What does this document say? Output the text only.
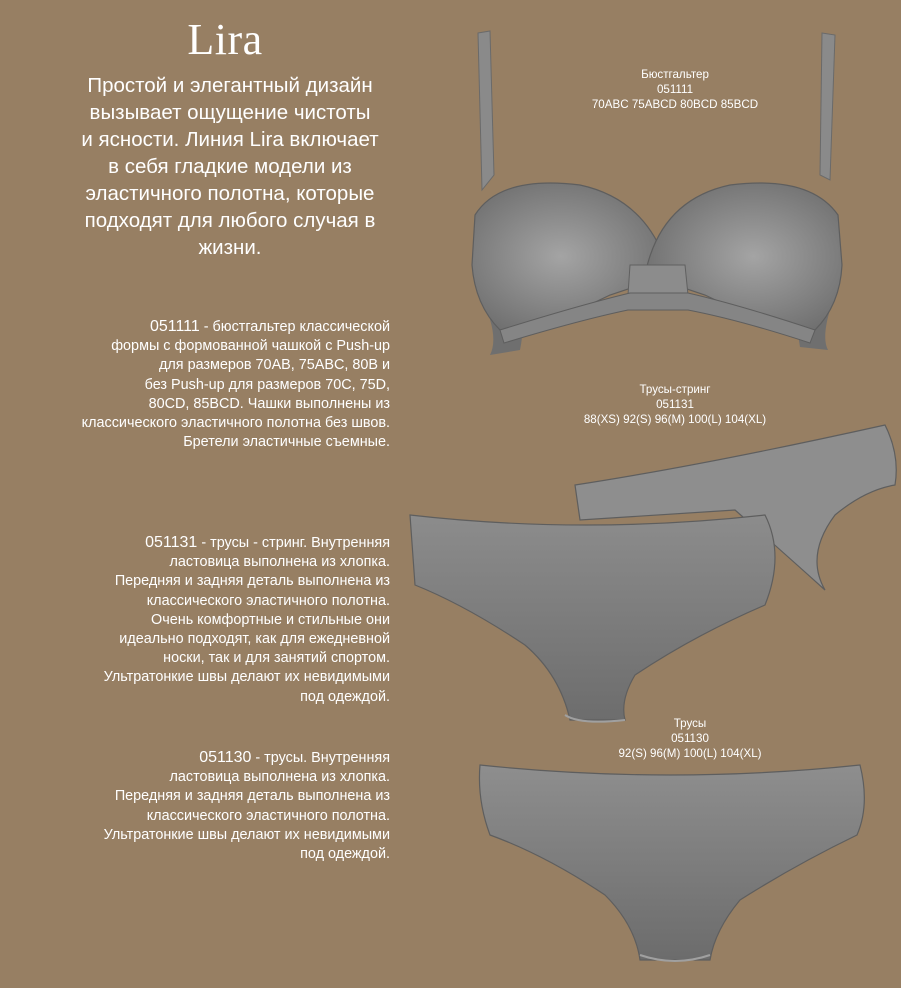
Lira
Простой и элегантный дизайн
вызывает ощущение чистоты
и ясности. Линия Lira включает
в себя гладкие модели из
эластичного полотна, которые
подходят для любого случая в
жизни.
051111 - бюстгальтер классической
формы с формованной чашкой с Push-up
для размеров 70AB, 75ABC, 80B и
без Push-up для размеров 70C, 75D,
80CD, 85BCD. Чашки выполнены из
классического эластичного полотна без швов.
Бретели эластичные съемные.
051131 - трусы - стринг. Внутренняя
ластовица выполнена из хлопка.
Передняя и задняя деталь выполнена из
классического эластичного полотна.
Очень комфортные и стильные они
идеально подходят, как для ежедневной
носки, так и для занятий спортом.
Ультратонкие швы делают их невидимыми
под одеждой.
051130 - трусы. Внутренняя
ластовица выполнена из хлопка.
Передняя и задняя деталь выполнена из
классического эластичного полотна.
Ультратонкие швы делают их невидимыми
под одеждой.
Бюстгальтер
051111
70ABC 75ABCD 80BCD 85BCD
Трусы-стринг
051131
88(XS) 92(S) 96(M) 100(L) 104(XL)
Трусы
051130
92(S) 96(M) 100(L) 104(XL)
